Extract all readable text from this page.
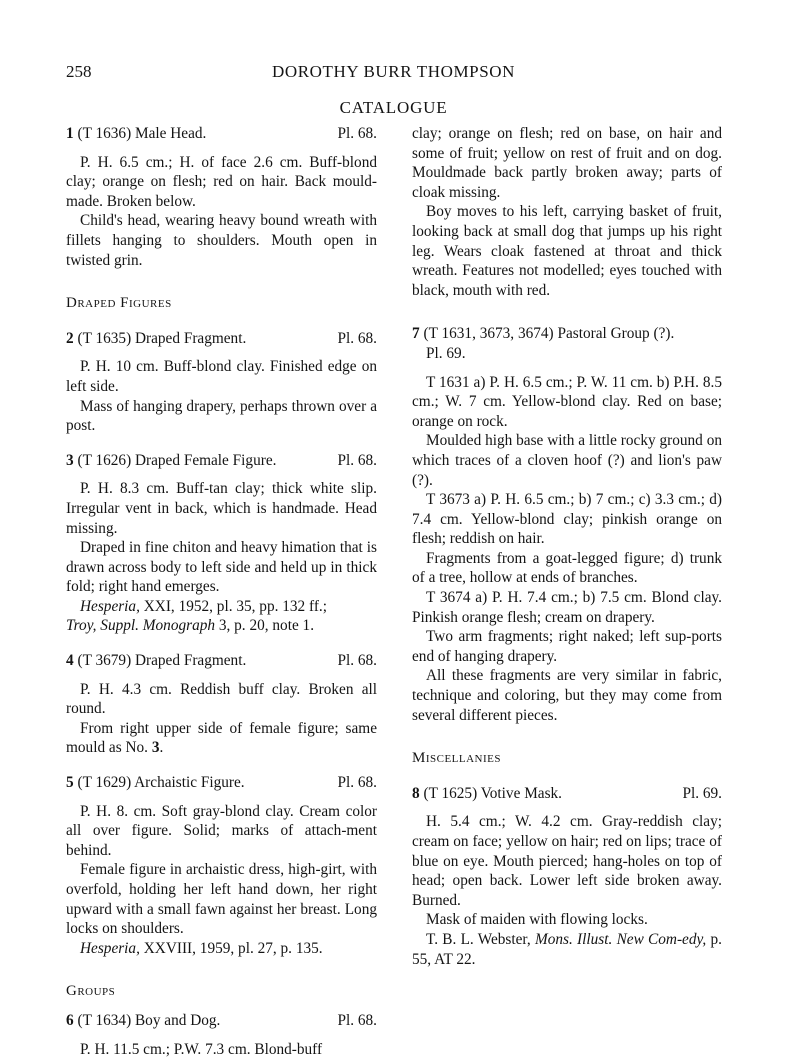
258	DOROTHY BURR THOMPSON
CATALOGUE
1 (T 1636) Male Head.	Pl. 68.

P. H. 6.5 cm.; H. of face 2.6 cm. Buff-blond clay; orange on flesh; red on hair. Back mould-made. Broken below.

Child's head, wearing heavy bound wreath with fillets hanging to shoulders. Mouth open in twisted grin.

Draped Figures

2 (T 1635) Draped Fragment.	Pl. 68.

P. H. 10 cm. Buff-blond clay. Finished edge on left side.

Mass of hanging drapery, perhaps thrown over a post.

3 (T 1626) Draped Female Figure.	Pl. 68.

P. H. 8.3 cm. Buff-tan clay; thick white slip. Irregular vent in back, which is handmade. Head missing.

Draped in fine chiton and heavy himation that is drawn across body to left side and held up in thick fold; right hand emerges.

Hesperia, XXI, 1952, pl. 35, pp. 132 ff.;

Troy, Suppl. Monograph 3, p. 20, note 1.

4 (T 3679) Draped Fragment.	Pl. 68.

P. H. 4.3 cm. Reddish buff clay. Broken all round.

From right upper side of female figure; same mould as No. 3.

5 (T 1629) Archaistic Figure.	Pl. 68.

P. H. 8. cm. Soft gray-blond clay. Cream color all over figure. Solid; marks of attach-ment behind.

Female figure in archaistic dress, high-girt, with overfold, holding her left hand down, her right upward with a small fawn against her breast. Long locks on shoulders.

Hesperia, XXVIII, 1959, pl. 27, p. 135.

Groups

6 (T 1634) Boy and Dog.	Pl. 68.

P. H. 11.5 cm.; P.W. 7.3 cm. Blond-buff

clay; orange on flesh; red on base, on hair and some of fruit; yellow on rest of fruit and on dog. Mouldmade back partly broken away; parts of cloak missing.

Boy moves to his left, carrying basket of fruit, looking back at small dog that jumps up his right leg. Wears cloak fastened at throat and thick wreath. Features not modelled; eyes touched with black, mouth with red.

7 (T 1631, 3673, 3674) Pastoral Group (?).

Pl. 69.

T 1631 a) P. H. 6.5 cm.; P. W. 11 cm. b) P.H. 8.5 cm.; W. 7 cm. Yellow-blond clay. Red on base; orange on rock.

Moulded high base with a little rocky ground on which traces of a cloven hoof (?) and lion's paw (?).

T 3673 a) P. H. 6.5 cm.; b) 7 cm.; c) 3.3 cm.; d) 7.4 cm. Yellow-blond clay; pinkish orange on flesh; reddish on hair.

Fragments from a goat-legged figure; d) trunk of a tree, hollow at ends of branches.

T 3674 a) P. H. 7.4 cm.; b) 7.5 cm. Blond clay. Pinkish orange flesh; cream on drapery.

Two arm fragments; right naked; left sup-ports end of hanging drapery.

All these fragments are very similar in fabric, technique and coloring, but they may come from several different pieces.

Miscellanies

8 (T 1625) Votive Mask.	Pl. 69.

H. 5.4 cm.; W. 4.2 cm. Gray-reddish clay; cream on face; yellow on hair; red on lips; trace of blue on eye. Mouth pierced; hang-holes on top of head; open back. Lower left side broken away. Burned.

Mask of maiden with flowing locks.

T. B. L. Webster, Mons. Illust. New Com-edy, p. 55, AT 22.
